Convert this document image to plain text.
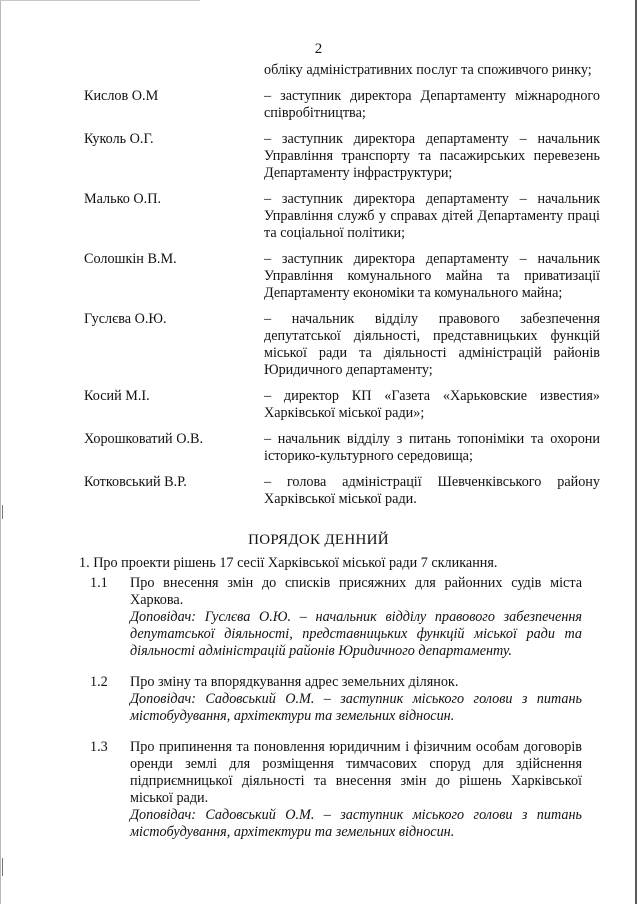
2
обліку адміністративних послуг та споживчого ринку;
Кислов О.М	– заступник директора Департаменту міжнародного співробітництва;
Куколь О.Г.	– заступник директора департаменту – начальник Управління транспорту та пасажирських перевезень Департаменту інфраструктури;
Малько О.П.	– заступник директора департаменту – начальник Управління служб у справах дітей Департаменту праці та соціальної політики;
Солошкін В.М.	– заступник директора департаменту – начальник Управління комунального майна та приватизації Департаменту економіки та комунального майна;
Гуслєва О.Ю.	– начальник відділу правового забезпечення депутатської діяльності, представницьких функцій міської ради та діяльності адміністрацій районів Юридичного департаменту;
Косий М.І.	– директор КП «Газета «Харьковские известия» Харківської міської ради»;
Хорошковатий О.В.	– начальник відділу з питань топоніміки та охорони історико-культурного середовища;
Котковський В.Р.	– голова адміністрації Шевченківського району Харківської міської ради.
ПОРЯДОК ДЕННИЙ
1. Про проекти рішень 17 сесії Харківської міської ради 7 скликання.
1.1	Про внесення змін до списків присяжних для районних судів міста Харкова.
Доповідач: Гуслєва О.Ю. – начальник відділу правового забезпечення депутатської діяльності, представницьких функцій міської ради та діяльності адміністрацій районів Юридичного департаменту.
1.2	Про зміну та впорядкування адрес земельних ділянок.
Доповідач: Садовський О.М. – заступник міського голови з питань містобудування, архітектури та земельних відносин.
1.3	Про припинення та поновлення юридичним і фізичним особам договорів оренди землі для розміщення тимчасових споруд для здійснення підприємницької діяльності та внесення змін до рішень Харківської міської ради.
Доповідач: Садовський О.М. – заступник міського голови з питань містобудування, архітектури та земельних відносин.
